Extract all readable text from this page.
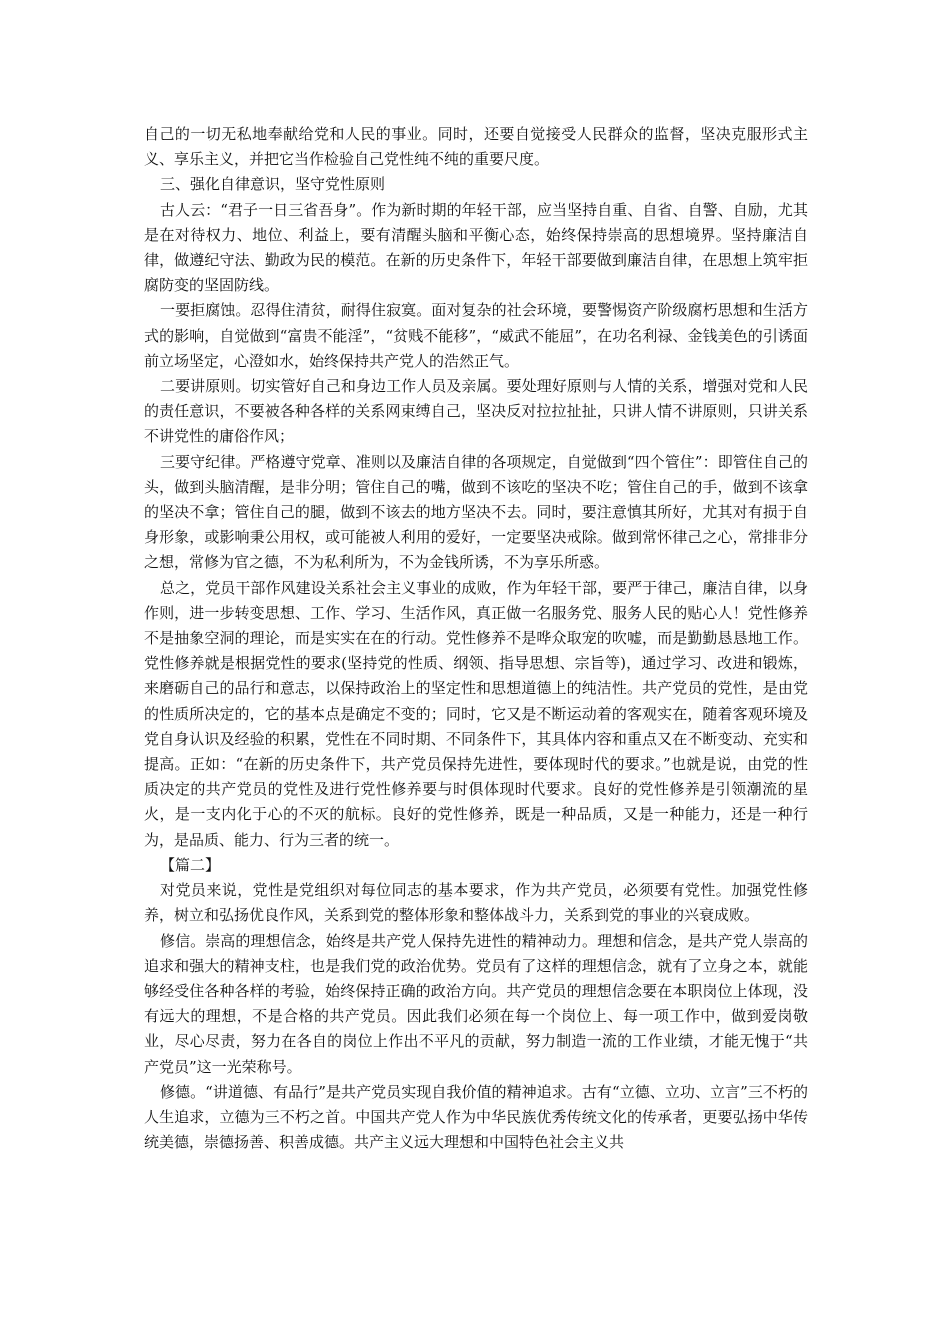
自己的一切无私地奉献给党和人民的事业。同时，还要自觉接受人民群众的监督，坚决克服形式主义、享乐主义，并把它当作检验自己党性纯不纯的重要尺度。

三、强化自律意识，坚守党性原则

古人云：“君子一日三省吾身”。作为新时期的年轻干部，应当坚持自重、自省、自警、自励，尤其是在对待权力、地位、利益上，要有清醒头脑和平衡心态，始终保持崇高的思想境界。坚持廉洁自律，做遵纪守法、勤政为民的模范。在新的历史条件下，年轻干部要做到廉洁自律，在思想上筑牢拒腐防变的坚固防线。

一要拒腐蚀。忍得住清贫，耐得住寂寞。面对复杂的社会环境，要警惕资产阶级腐朽思想和生活方式的影响，自觉做到“富贵不能淫”，“贫贱不能移”，“威武不能屈”，在功名利禄、金钱美色的引诱面前立场坚定，心澄如水，始终保持共产党人的浩然正气。

二要讲原则。切实管好自己和身边工作人员及亲属。要处理好原则与人情的关系，增强对党和人民的责任意识，不要被各种各样的关系网束缚自己，坚决反对拉拉扯扯，只讲人情不讲原则，只讲关系不讲党性的庸俗作风；

三要守纪律。严格遵守党章、准则以及廉洁自律的各项规定，自觉做到“四个管住”：即管住自己的头，做到头脑清醒，是非分明；管住自己的嘴，做到不该吃的坚决不吃；管住自己的手，做到不该拿的坚决不拿；管住自己的腿，做到不该去的地方坚决不去。同时，要注意慎其所好，尤其对有损于自身形象，或影响秉公用权，或可能被人利用的爱好，一定要坚决戒除。做到常怀律己之心，常排非分之想，常修为官之德，不为私利所为，不为金钱所诱，不为享乐所惑。

总之，党员干部作风建设关系社会主义事业的成败，作为年轻干部，要严于律己，廉洁自律，以身作则，进一步转变思想、工作、学习、生活作风，真正做一名服务党、服务人民的贴心人！党性修养不是抽象空洞的理论，而是实实在在的行动。党性修养不是哗众取宠的吹嘘，而是勤勤恳恳地工作。党性修养就是根据党性的要求(坚持党的性质、纲领、指导思想、宗旨等)，通过学习、改进和锻炼，来磨砺自己的品行和意志，以保持政治上的坚定性和思想道德上的纯洁性。共产党员的党性，是由党的性质所决定的，它的基本点是确定不变的；同时，它又是不断运动着的客观实在，随着客观环境及党自身认识及经验的积累，党性在不同时期、不同条件下，其具体内容和重点又在不断变动、充实和提高。正如：“在新的历史条件下，共产党员保持先进性，要体现时代的要求。”也就是说，由党的性质决定的共产党员的党性及进行党性修养要与时俱体现时代要求。良好的党性修养是引领潮流的星火，是一支内化于心的不灭的航标。良好的党性修养，既是一种品质，又是一种能力，还是一种行为，是品质、能力、行为三者的统一。

【篇二】

对党员来说，党性是党组织对每位同志的基本要求，作为共产党员，必须要有党性。加强党性修养，树立和弘扬优良作风，关系到党的整体形象和整体战斗力，关系到党的事业的兴衰成败。

修信。崇高的理想信念，始终是共产党人保持先进性的精神动力。理想和信念，是共产党人崇高的追求和强大的精神支柱，也是我们党的政治优势。党员有了这样的理想信念，就有了立身之本，就能够经受住各种各样的考验，始终保持正确的政治方向。共产党员的理想信念要在本职岗位上体现，没有远大的理想，不是合格的共产党员。因此我们必须在每一个岗位上、每一项工作中，做到爱岗敬业，尽心尽责，努力在各自的岗位上作出不平凡的贡献，努力制造一流的工作业绩，才能无愧于“共产党员”这一光荣称号。

修德。“讲道德、有品行”是共产党员实现自我价值的精神追求。古有“立德、立功、立言”三不朽的人生追求，立德为三不朽之首。中国共产党人作为中华民族优秀传统文化的传承者，更要弘扬中华传统美德，崇德扬善、积善成德。共产主义远大理想和中国特色社会主义共
